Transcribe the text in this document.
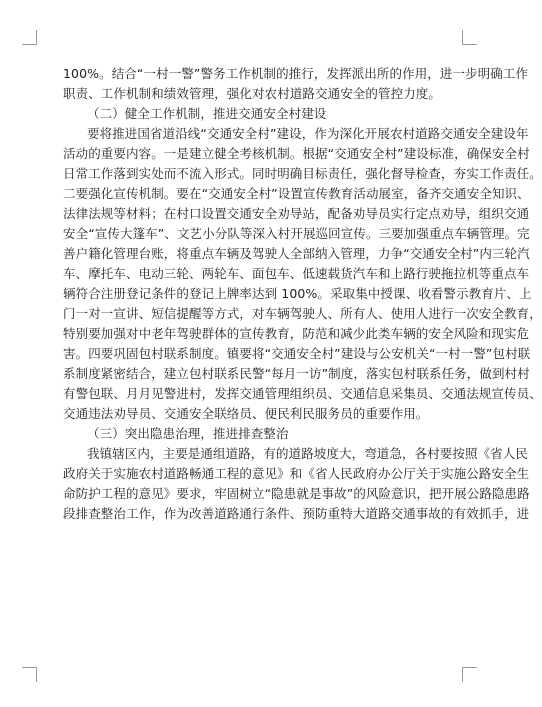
100%。结合“一村一警”警务工作机制的推行，发挥派出所的作用，进一步明确工作
职责、工作机制和绩效管理，强化对农村道路交通安全的管控力度。
（二）健全工作机制，推进交通安全村建设
要将推进国省道沿线“交通安全村”建设，作为深化开展农村道路交通安全建设年
活动的重要内容。一是建立健全考核机制。根据“交通安全村”建设标准，确保安全村
日常工作落到实处而不流入形式。同时明确目标责任，强化督导检查，夯实工作责任。
二要强化宣传机制。要在“交通安全村”设置宣传教育活动展室，备齐交通安全知识、
法律法规等材料；在村口设置交通安全劝导站，配备劝导员实行定点劝导，组织交通
安全“宣传大篷车”、文艺小分队等深入村开展巡回宣传。三要加强重点车辆管理。完
善户籍化管理台账，将重点车辆及驾驶人全部纳入管理，力争“交通安全村”内三轮汽
车、摩托车、电动三轮、两轮车、面包车、低速载货汽车和上路行驶拖拉机等重点车
辆符合注册登记条件的登记上牌率达到 100%。采取集中授课、收看警示教育片、上
门一对一宣讲、短信提醒等方式，对车辆驾驶人、所有人、使用人进行一次安全教育，
特别要加强对中老年驾驶群体的宣传教育，防范和减少此类车辆的安全风险和现实危
害。四要巩固包村联系制度。镇要将“交通安全村”建设与公安机关“一村一警”包村联
系制度紧密结合，建立包村联系民警“每月一访”制度，落实包村联系任务，做到村村
有警包联、月月见警进村，发挥交通管理组织员、交通信息采集员、交通法规宣传员、
交通违法劝导员、交通安全联络员、便民利民服务员的重要作用。
（三）突出隐患治理，推进排查整治
我镇辖区内，主要是通组道路，有的道路坡度大，弯道急，各村要按照《省人民
政府关于实施农村道路畅通工程的意见》和《省人民政府办公厅关于实施公路安全生
命防护工程的意见》要求，牢固树立“隐患就是事故”的风险意识，把开展公路隐患路
段排查整治工作，作为改善道路通行条件、预防重特大道路交通事故的有效抓手，进
